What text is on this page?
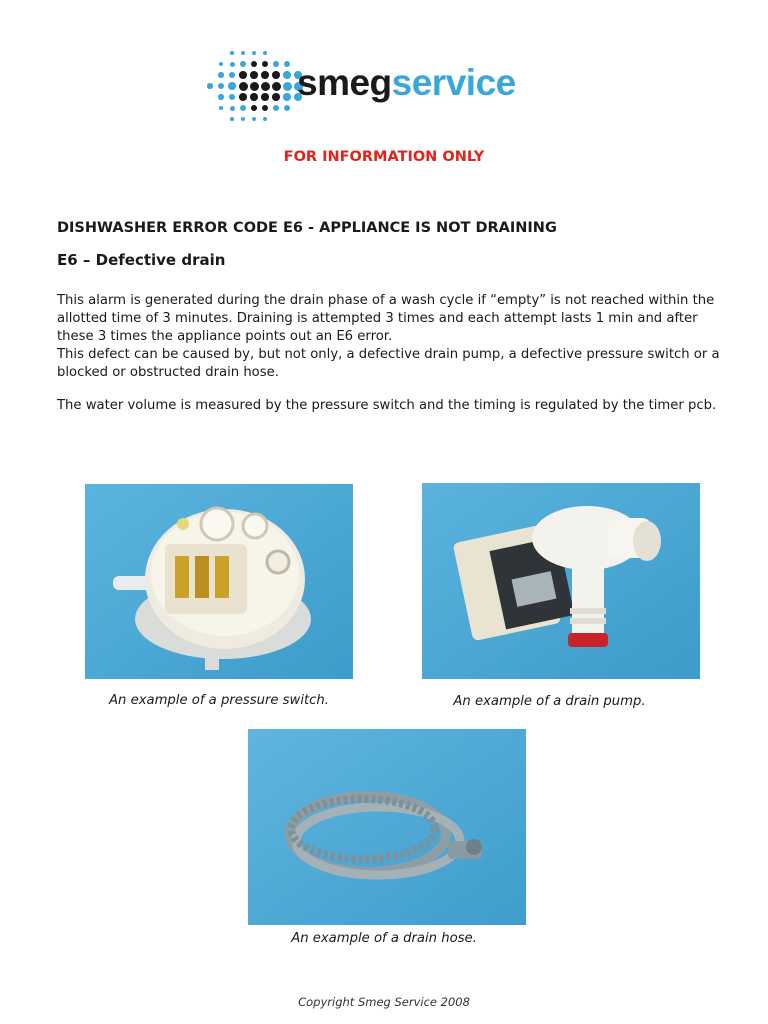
smegservice
FOR INFORMATION ONLY
DISHWASHER ERROR CODE E6 - APPLIANCE IS NOT DRAINING
E6 – Defective drain
This alarm is generated during the drain phase of a wash cycle if “empty” is not reached within the allotted time of 3 minutes. Draining is attempted 3 times and each attempt lasts 1 min and after these 3 times the appliance points out an E6 error.
This defect can be caused by, but not only, a defective drain pump, a defective pressure switch or a blocked or obstructed drain hose.
The water volume is measured by the pressure switch and the timing is regulated by the timer pcb.
An example of a pressure switch.	An example of a drain pump.
An example of a drain hose.
Copyright Smeg Service 2008
